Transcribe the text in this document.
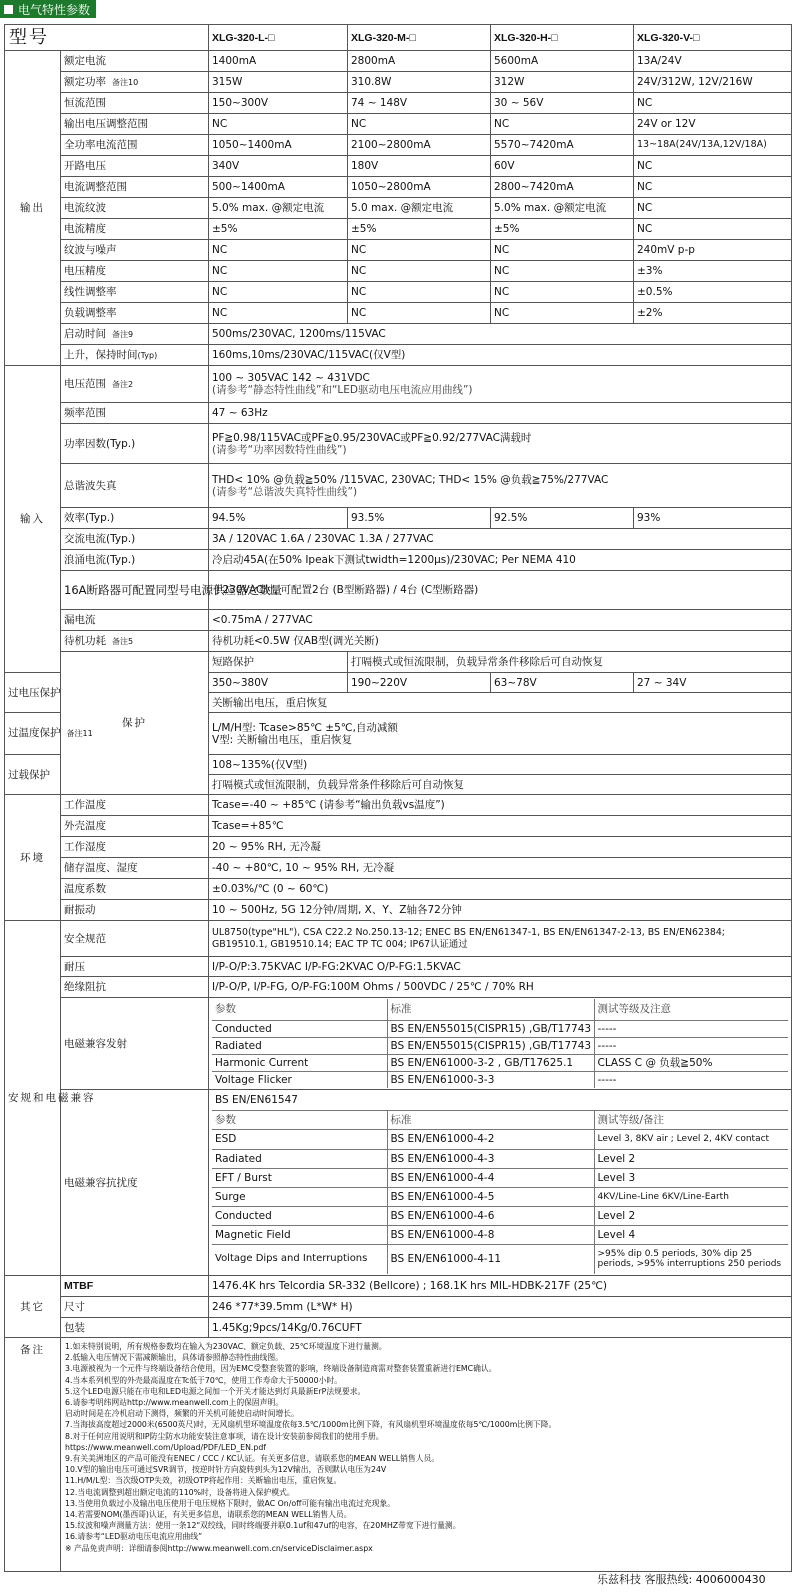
电气特性参数
型号	XLG-320-L-□	XLG-320-M-□	XLG-320-H-□	XLG-320-V-□
输出	额定电流	1400mA	2800mA	5600mA	13A/24V
额定功率 备注10	315W	310.8W	312W	24V/312W, 12V/216W
恒流范围	150~300V	74 ~ 148V	30 ~ 56V	NC
输出电压调整范围	NC	NC	NC	24V or 12V
全功率电流范围	1050~1400mA	2100~2800mA	5570~7420mA	13~18A(24V/13A,12V/18A)
开路电压	340V	180V	60V	NC
电流调整范围	500~1400mA	1050~2800mA	2800~7420mA	NC
电流纹波	5.0% max. @额定电流	5.0 max. @额定电流	5.0% max. @额定电流	NC
电流精度	±5%	±5%	±5%	NC
纹波与噪声	NC	NC	NC	240mV p-p
电压精度	NC	NC	NC	±3%
线性调整率	NC	NC	NC	±0.5%
负载调整率	NC	NC	NC	±2%
启动时间 备注9	500ms/230VAC, 1200ms/115VAC
上升，保持时间(Typ)	160ms,10ms/230VAC/115VAC(仅V型)
输入	电压范围 备注2	100 ~ 305VAC 142 ~ 431VDC
(请参考“静态特性曲线”和“LED驱动电压电流应用曲线”)

频率范围	47 ~ 63Hz
功率因数(Typ.)	PF≧0.98/115VAC或PF≧0.95/230VAC或PF≧0.92/277VAC满载时
(请参考“功率因数特性曲线”)

总谐波失真	THD< 10% @负载≧50% /115VAC, 230VAC; THD< 15% @负载≧75%/277VAC
(请参考“总谐波失真特性曲线”)

效率(Typ.)	94.5%	93.5%	92.5%	93%
交流电流(Typ.)	3A / 120VAC 1.6A / 230VAC 1.3A / 277VAC
浪涌电流(Typ.)	冷启动45A(在50% Ipeak下测试twidth=1200μs)/230VAC; Per NEMA 410
16A断路器可配置同型号电源供应器之数量	于230VAC时, 可配置2台 (B型断路器) / 4台 (C型断路器)
漏电流	<0.75mA / 277VAC
待机功耗 备注5	待机功耗<0.5W 仅AB型(调光关断)
保护	短路保护	打嗝模式或恒流限制，负载异常条件移除后可自动恢复
过电压保护	350~380V	190~220V	63~78V	27 ~ 34V
关断输出电压，重启恢复
过温度保护 备注11	L/M/H型: Tcase>85℃ ±5℃,自动减额
V型: 关断输出电压，重启恢复

过载保护	108~135%(仅V型)
打嗝模式或恒流限制，负载异常条件移除后可自动恢复
环境	工作温度	Tcase=-40 ~ +85℃ (请参考“输出负载vs温度”)
外壳温度	Tcase=+85℃
工作湿度	20 ~ 95% RH, 无冷凝
储存温度、湿度	-40 ~ +80℃, 10 ~ 95% RH, 无冷凝
温度系数	±0.03%/℃ (0 ~ 60℃)
耐振动	10 ~ 500Hz, 5G 12分钟/周期, X、Y、Z轴各72分钟
安规和电磁兼容	安全规范	
UL8750(type"HL"), CSA C22.2 No.250.13-12; ENEC BS EN/EN61347-1, BS EN/EN61347-2-13, BS EN/EN62384;
GB19510.1, GB19510.14; EAC TP TC 004; IP67认证通过

耐压	I/P-O/P:3.75KVAC I/P-FG:2KVAC O/P-FG:1.5KVAC
绝缘阻抗	I/P-O/P, I/P-FG, O/P-FG:100M Ohms / 500VDC / 25℃ / 70% RH
电磁兼容发射	
参数	标准	测试等级及注意
Conducted	BS EN/EN55015(CISPR15) ,GB/T17743	-----
Radiated	BS EN/EN55015(CISPR15) ,GB/T17743	-----
Harmonic Current	BS EN/EN61000-3-2 , GB/T17625.1	CLASS C @ 负载≧50%
Voltage Flicker	BS EN/EN61000-3-3	-----

电磁兼容抗扰度	
BS EN/EN61547
参数	标准	测试等级/备注
ESD	BS EN/EN61000-4-2	Level 3, 8KV air ; Level 2, 4KV contact
Radiated	BS EN/EN61000-4-3	Level 2
EFT / Burst	BS EN/EN61000-4-4	Level 3
Surge	BS EN/EN61000-4-5	4KV/Line-Line 6KV/Line-Earth
Conducted	BS EN/EN61000-4-6	Level 2
Magnetic Field	BS EN/EN61000-4-8	Level 4
Voltage Dips and Interruptions	BS EN/EN61000-4-11	>95% dip 0.5 periods, 30% dip 25 periods, >95% interruptions 250 periods

其它	MTBF	1476.4K hrs Telcordia SR-332 (Bellcore) ; 168.1K hrs MIL-HDBK-217F (25℃)
尺寸	246 *77*39.5mm (L*W* H)
包装	1.45Kg;9pcs/14Kg/0.76CUFT
备注	1.如未特别说明，所有规格参数均在输入为230VAC、额定负载、25℃环境温度下进行量测。
2.低输入电压情况下需减额输出，具体请参照静态特性曲线图。
3.电源被视为一个元件与终端设备结合使用，因为EMC受整套装置的影响，终端设备制造商需对整套装置重新进行EMC确认。
4.当本系列机型的外壳最高温度在Tc低于70℃，使用工作寿命大于50000小时。
5.这个LED电源只能在市电和LED电源之间加一个开关才能达到灯具最新ErP法规要求。
6.请参考明纬网站http://www.meanwell.com上的保固声明。
启动时间是在冷机启动下测得，频繁的开关机可能使启动时间增长。
7.当海拔高度超过2000米(6500英尺)时，无风扇机型环境温度依每3.5℃/1000m比例下降，有风扇机型环境温度依每5℃/1000m比例下降。
8.对于任何应用说明和IP防尘防水功能安装注意事项，请在设计安装前参阅我们的使用手册。
https://www.meanwell.com/Upload/PDF/LED_EN.pdf
9.有关美洲地区的产品可能没有ENEC / CCC / KC认证。有关更多信息，请联系您的MEAN WELL销售人员。
10.V型的输出电压可通过SVR调节，按逆时针方向旋转到头为12V输出，否则默认电压为24V
11.H/M/L型：当次级OTP失效，初级OTP将起作用：关断输出电压，重启恢复。
12.当电流调整到超出额定电流的110%时，设备将进入保护模式。
13.当使用负载过小及输出电压使用于电压规格下限时，做AC On/off可能有输出电流过充现象。
14.若需要NOM(墨西哥)认证，有关更多信息，请联系您的MEAN WELL销售人员。
15.纹波和噪声测量方法：使用一条12"双绞线，同时终端要并联0.1uf和47uf的电容，在20MHZ带宽下进行量测。
16.请参考“LED驱动电压电流应用曲线”
※ 产品免责声明：详细请参阅http://www.meanwell.com.cn/serviceDisclaimer.aspx
乐兹科技 客服热线: 4006000430
